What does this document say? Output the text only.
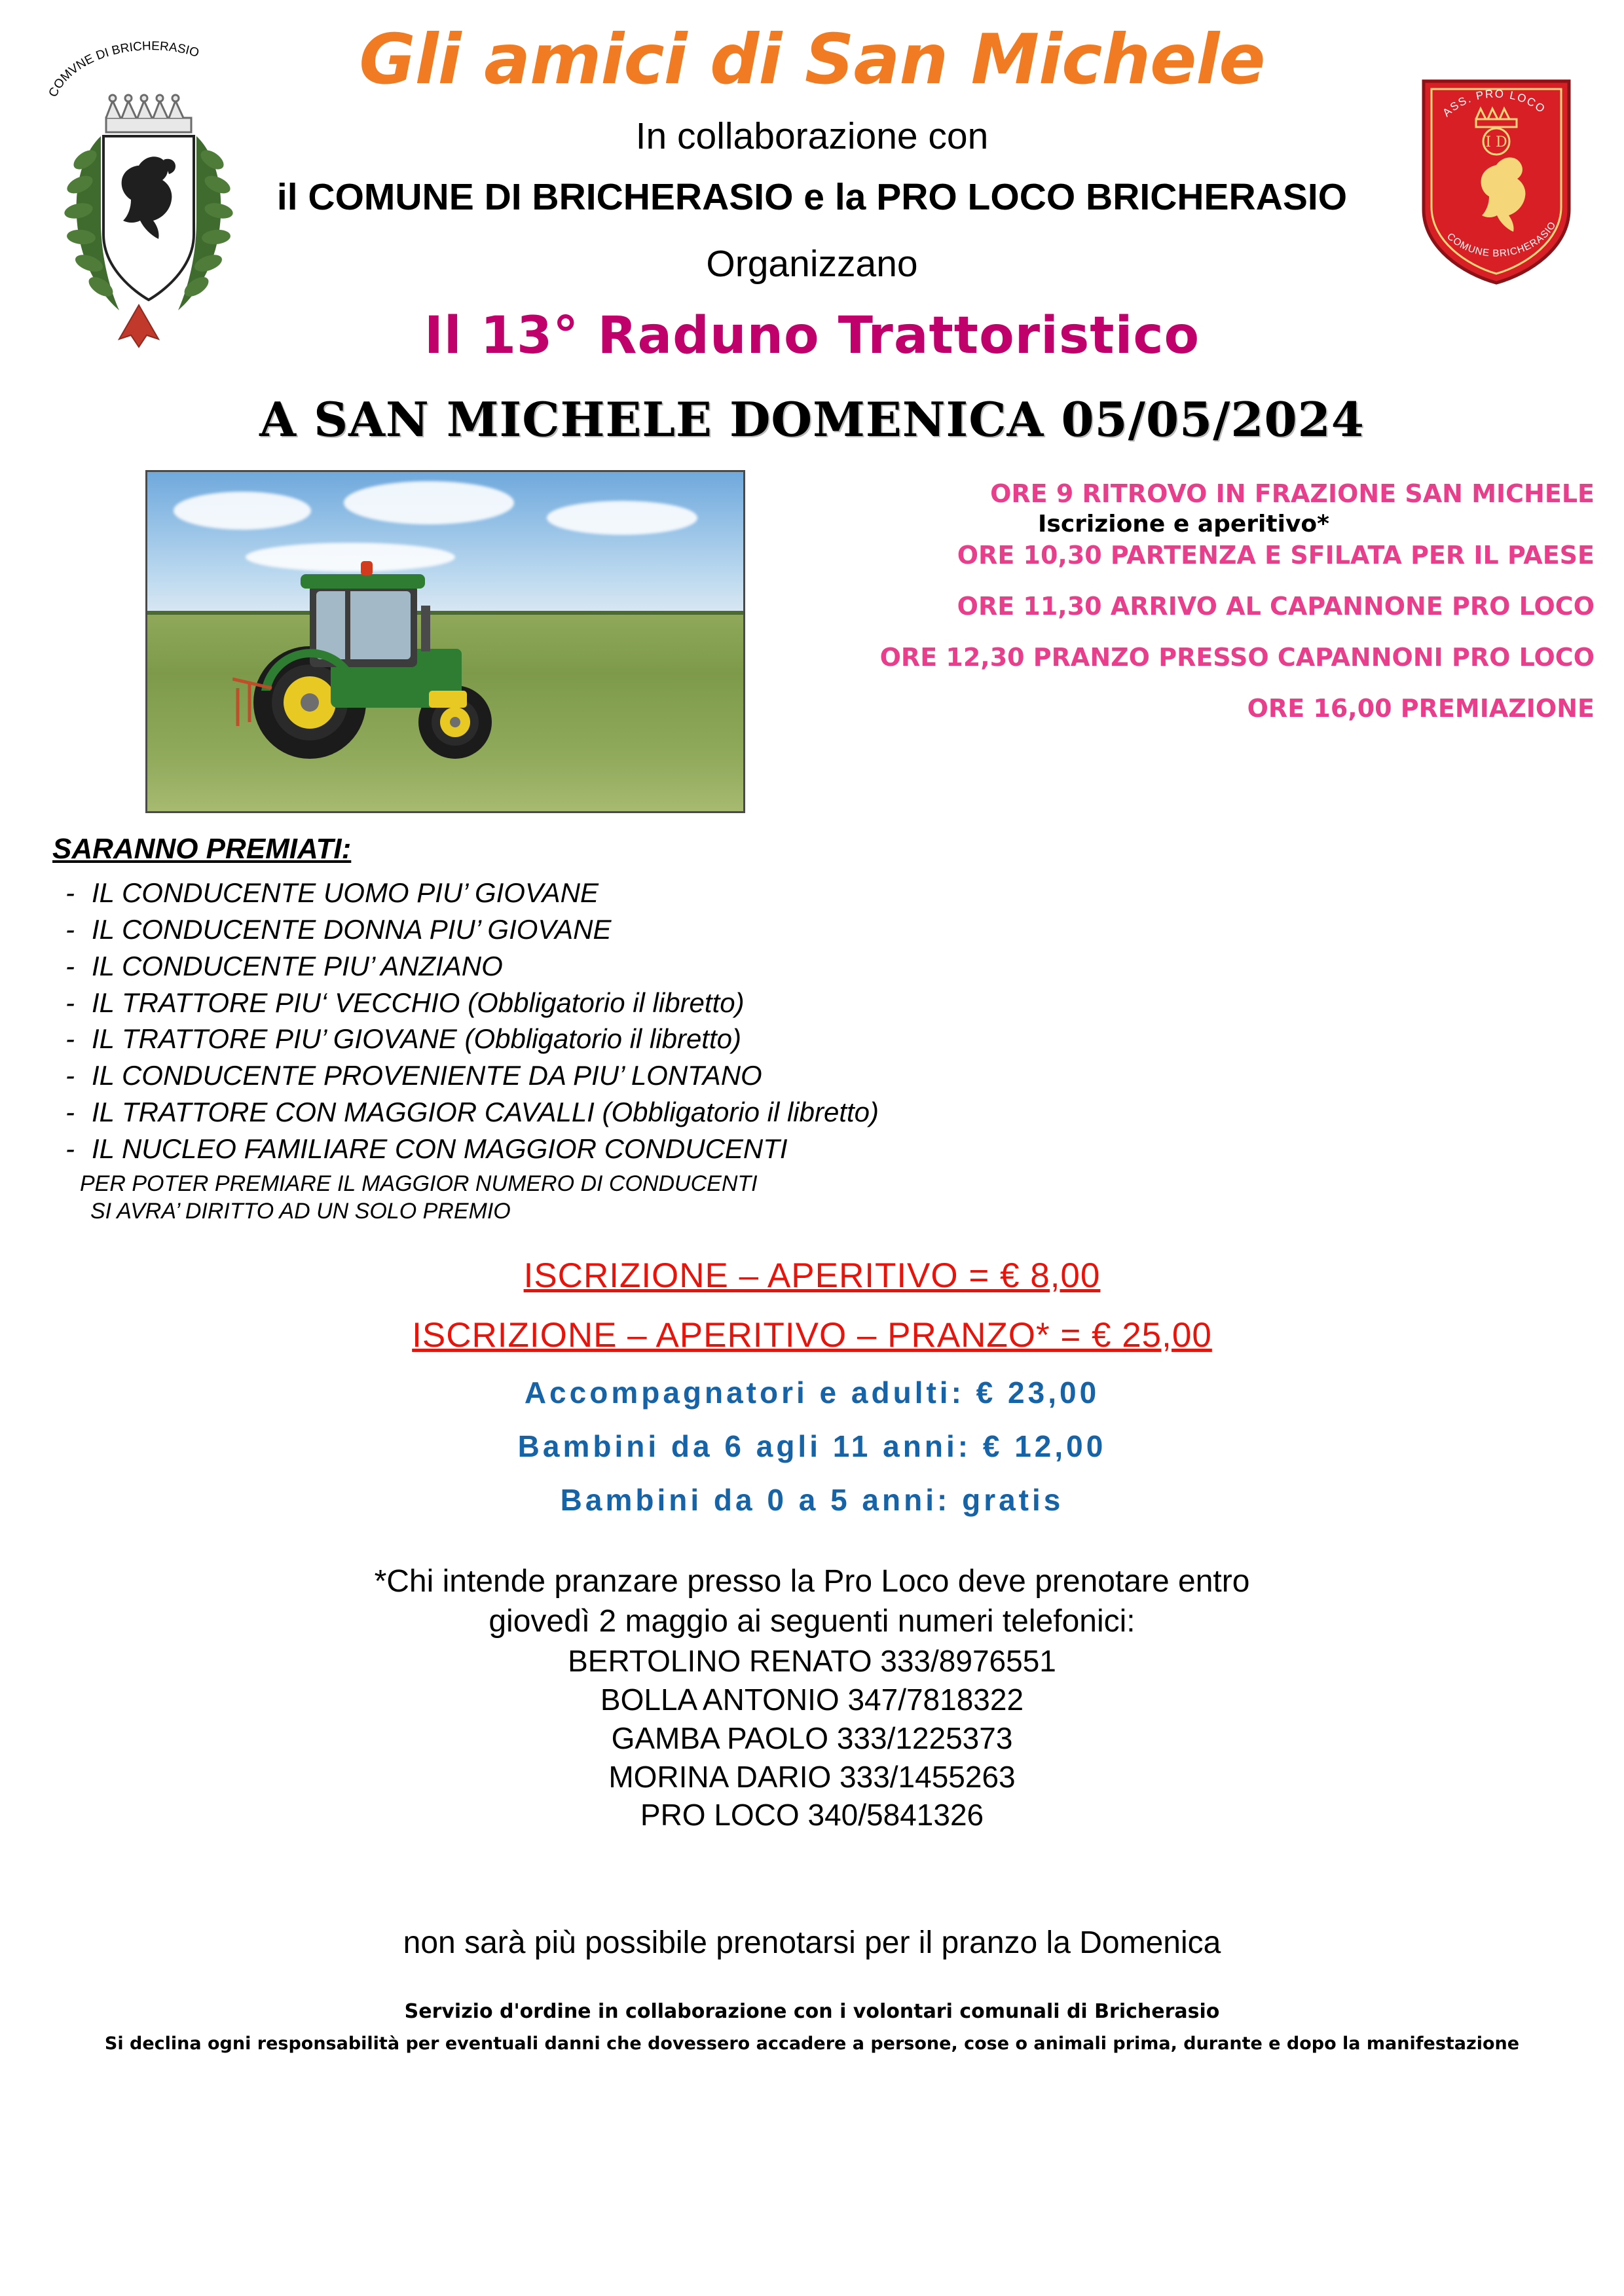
COMVNE DI BRICHERASIO
ASS. PRO LOCO
COMUNE BRICHERASIO
I D
Gli amici di San Michele
In collaborazione con
il COMUNE DI BRICHERASIO e la PRO LOCO BRICHERASIO
Organizzano
Il 13° Raduno Trattoristico
A SAN MICHELE DOMENICA 05/05/2024
ORE 9 RITROVO IN FRAZIONE SAN MICHELE
Iscrizione e aperitivo*
ORE 10,30 PARTENZA E SFILATA PER IL PAESE
ORE 11,30 ARRIVO AL CAPANNONE PRO LOCO
ORE 12,30 PRANZO PRESSO CAPANNONI PRO LOCO
ORE 16,00 PREMIAZIONE
SARANNO PREMIATI:
- IL CONDUCENTE UOMO PIU’ GIOVANE
- IL CONDUCENTE DONNA PIU’ GIOVANE
- IL CONDUCENTE PIU’ ANZIANO
- IL TRATTORE PIU‘ VECCHIO (Obbligatorio il libretto)
- IL TRATTORE PIU’ GIOVANE (Obbligatorio il libretto)
- IL CONDUCENTE PROVENIENTE DA PIU’ LONTANO
- IL TRATTORE CON MAGGIOR CAVALLI (Obbligatorio il libretto)
- IL NUCLEO FAMILIARE CON MAGGIOR CONDUCENTI
PER POTER PREMIARE IL MAGGIOR NUMERO DI CONDUCENTI
SI AVRA’ DIRITTO AD UN SOLO PREMIO
ISCRIZIONE – APERITIVO = € 8,00
ISCRIZIONE – APERITIVO – PRANZO* = € 25,00
Accompagnatori e adulti: € 23,00
Bambini da 6 agli 11 anni: € 12,00
Bambini da 0 a 5 anni: gratis
*Chi intende pranzare presso la Pro Loco deve prenotare entro
giovedì 2 maggio ai seguenti numeri telefonici:
BERTOLINO RENATO 333/8976551
BOLLA ANTONIO 347/7818322
GAMBA PAOLO 333/1225373
MORINA DARIO 333/1455263
PRO LOCO 340/5841326
non sarà più possibile prenotarsi per il pranzo la Domenica
Servizio d'ordine in collaborazione con i volontari comunali di Bricherasio
Si declina ogni responsabilità per eventuali danni che dovessero accadere a persone, cose o animali prima, durante e dopo la manifestazione
